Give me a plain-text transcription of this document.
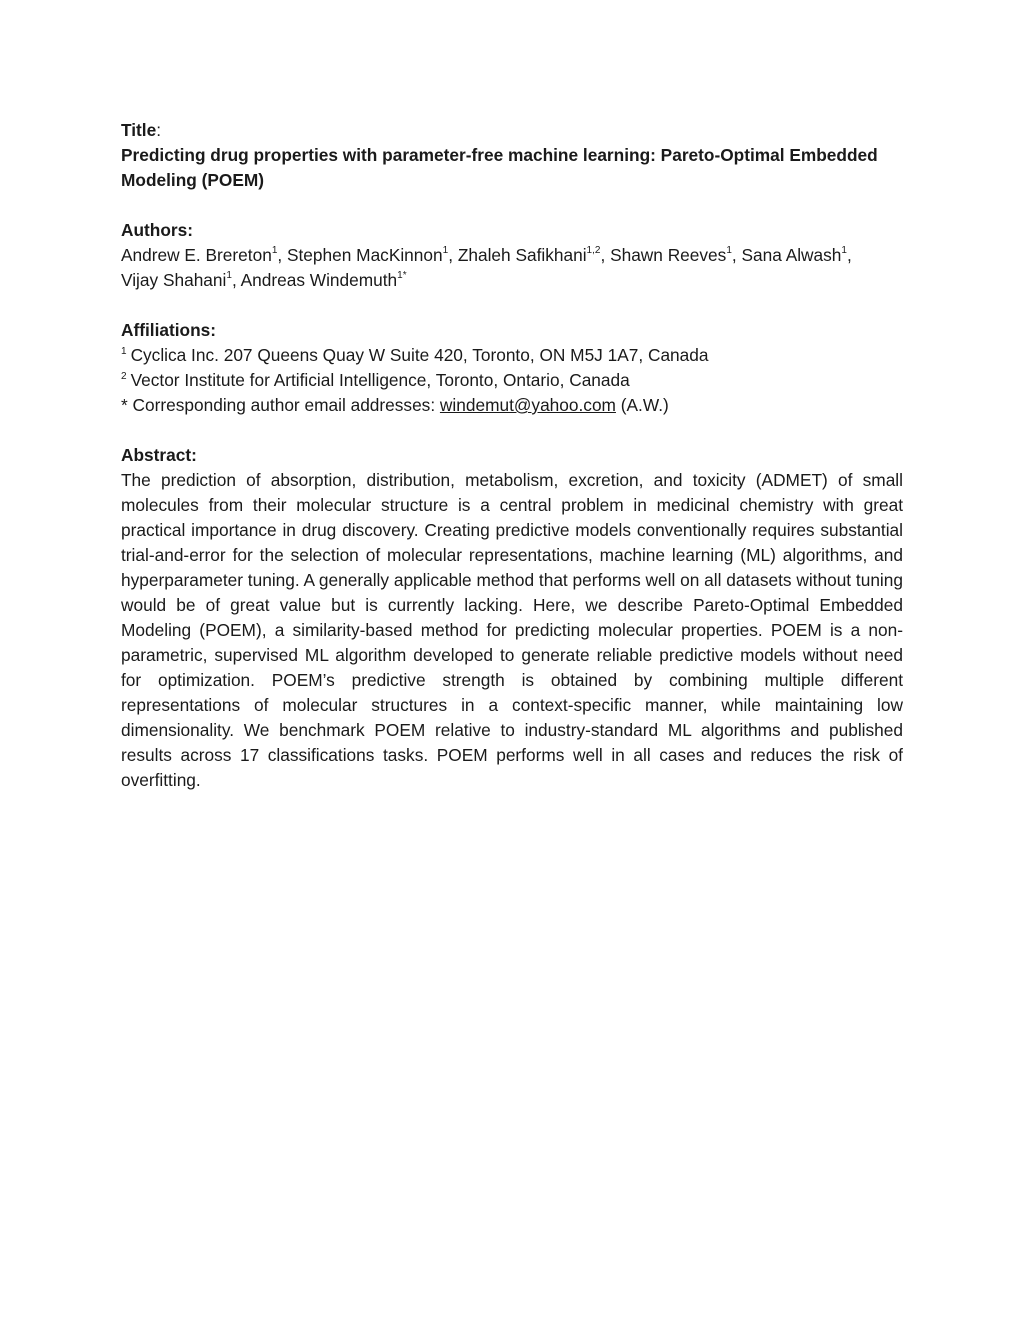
Title:

Predicting drug properties with parameter-free machine learning: Pareto-Optimal Embedded Modeling (POEM)

Authors:

Andrew E. Brereton$^1$, Stephen MacKinnon$^1$, Zhaleh Safikhani$^{1,2}$, Shawn Reeves$^1$, Sana Alwash$^1$,
Vijay Shahani$^1$, Andreas Windemuth$^{1*}$

Affiliations:

$^1$ Cyclica Inc. 207 Queens Quay W Suite 420, Toronto, ON M5J 1A7, Canada

$^2$ Vector Institute for Artificial Intelligence, Toronto, Ontario, Canada

* Corresponding author email addresses: windemut@yahoo.com (A.W.)

Abstract:

The prediction of absorption, distribution, metabolism, excretion, and toxicity (ADMET) of small molecules from their molecular structure is a central problem in medicinal chemistry with great practical importance in drug discovery. Creating predictive models conventionally requires substantial trial-and-error for the selection of molecular representations, machine learning (ML) algorithms, and hyperparameter tuning. A generally applicable method that performs well on all datasets without tuning would be of great value but is currently lacking. Here, we describe Pareto-Optimal Embedded Modeling (POEM), a similarity-based method for predicting molecular properties. POEM is a non-parametric, supervised ML algorithm developed to generate reliable predictive models without need for optimization. POEM’s predictive strength is obtained by combining multiple different representations of molecular structures in a context-specific manner, while maintaining low dimensionality. We benchmark POEM relative to industry-standard ML algorithms and published results across 17 classifications tasks. POEM performs well in all cases and reduces the risk of overfitting.
